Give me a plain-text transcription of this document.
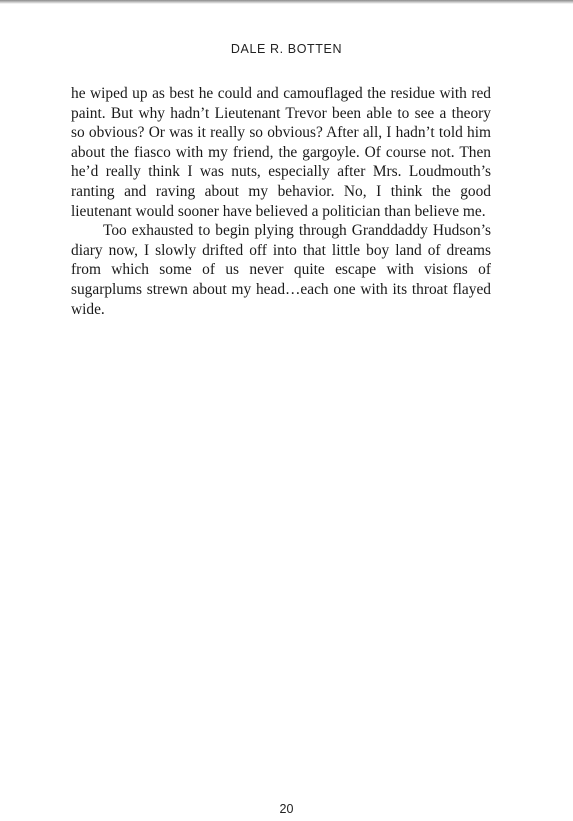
DALE R. BOTTEN

he wiped up as best he could and camouflaged the residue with red paint. But why hadn’t Lieutenant Trevor been able to see a theory so obvious? Or was it really so obvious? After all, I hadn’t told him about the fiasco with my friend, the gargoyle. Of course not. Then he’d really think I was nuts, especially after Mrs. Loudmouth’s ranting and raving about my behavior. No, I think the good lieutenant would sooner have believed a politician than believe me.

Too exhausted to begin plying through Granddaddy Hudson’s diary now, I slowly drifted off into that little boy land of dreams from which some of us never quite escape with visions of sugarplums strewn about my head…each one with its throat flayed wide.

20
